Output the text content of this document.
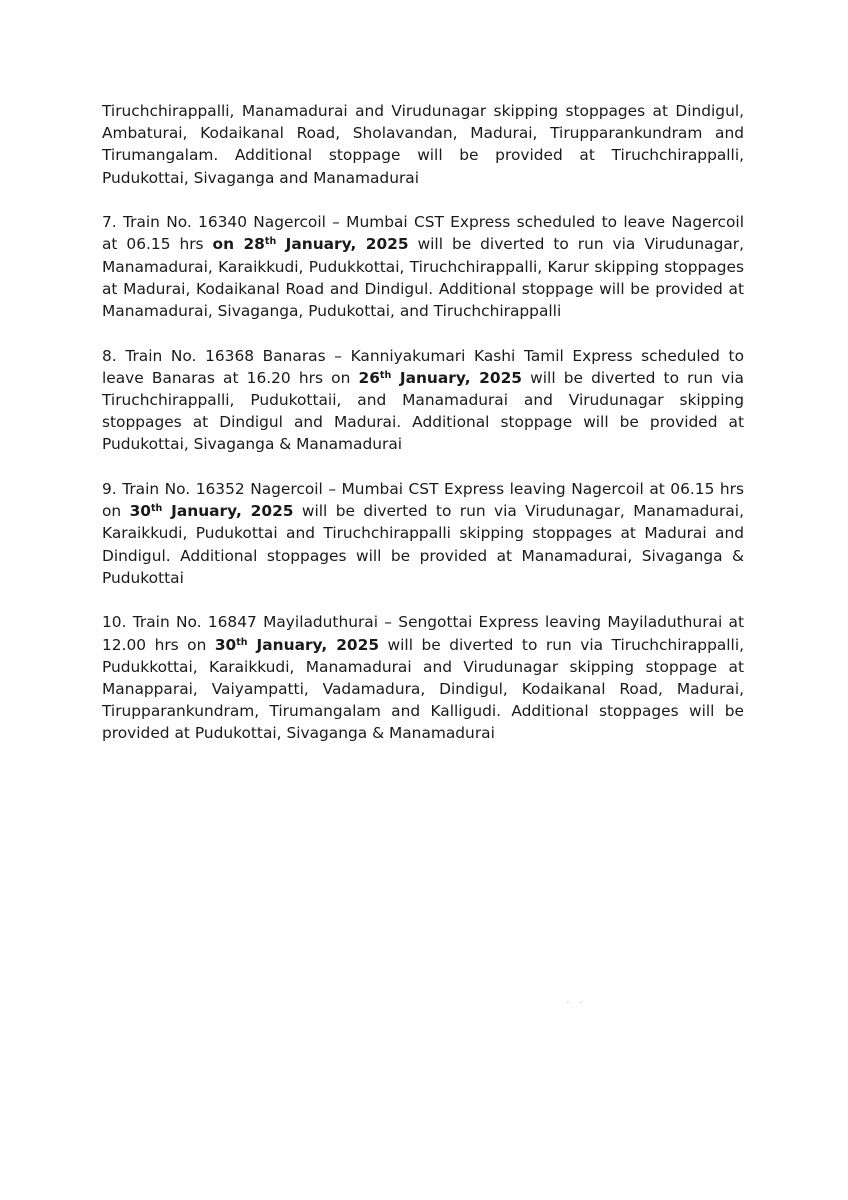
Tiruchchirappalli, Manamadurai and Virudunagar skipping stoppages at Dindigul, Ambaturai, Kodaikanal Road, Sholavandan, Madurai, Tirupparankundram and Tirumangalam. Additional stoppage will be provided at Tiruchchirappalli, Pudukottai, Sivaganga and Manamadurai

7. Train No. 16340 Nagercoil – Mumbai CST Express scheduled to leave Nagercoil at 06.15 hrs on 28th January, 2025 will be diverted to run via Virudunagar, Manamadurai, Karaikkudi, Pudukkottai, Tiruchchirappalli, Karur skipping stoppages at Madurai, Kodaikanal Road and Dindigul. Additional stoppage will be provided at Manamadurai, Sivaganga, Pudukottai, and Tiruchchirappalli

8. Train No. 16368 Banaras – Kanniyakumari Kashi Tamil Express scheduled to leave Banaras at 16.20 hrs on 26th January, 2025 will be diverted to run via Tiruchchirappalli, Pudukottaii, and Manamadurai and Virudunagar skipping stoppages at Dindigul and Madurai. Additional stoppage will be provided at Pudukottai, Sivaganga & Manamadurai

9. Train No. 16352 Nagercoil – Mumbai CST Express leaving Nagercoil at 06.15 hrs on 30th January, 2025 will be diverted to run via Virudunagar, Manamadurai, Karaikkudi, Pudukottai and Tiruchchirappalli skipping stoppages at Madurai and Dindigul. Additional stoppages will be provided at Manamadurai, Sivaganga & Pudukottai

10. Train No. 16847 Mayiladuthurai – Sengottai Express leaving Mayiladuthurai at 12.00 hrs on 30th January, 2025 will be diverted to run via Tiruchchirappalli, Pudukkottai, Karaikkudi, Manamadurai and Virudunagar skipping stoppage at Manapparai, Vaiyampatti, Vadamadura, Dindigul, Kodaikanal Road, Madurai, Tirupparankundram, Tirumangalam and Kalligudi. Additional stoppages will be provided at Pudukottai, Sivaganga & Manamadurai

· ·
